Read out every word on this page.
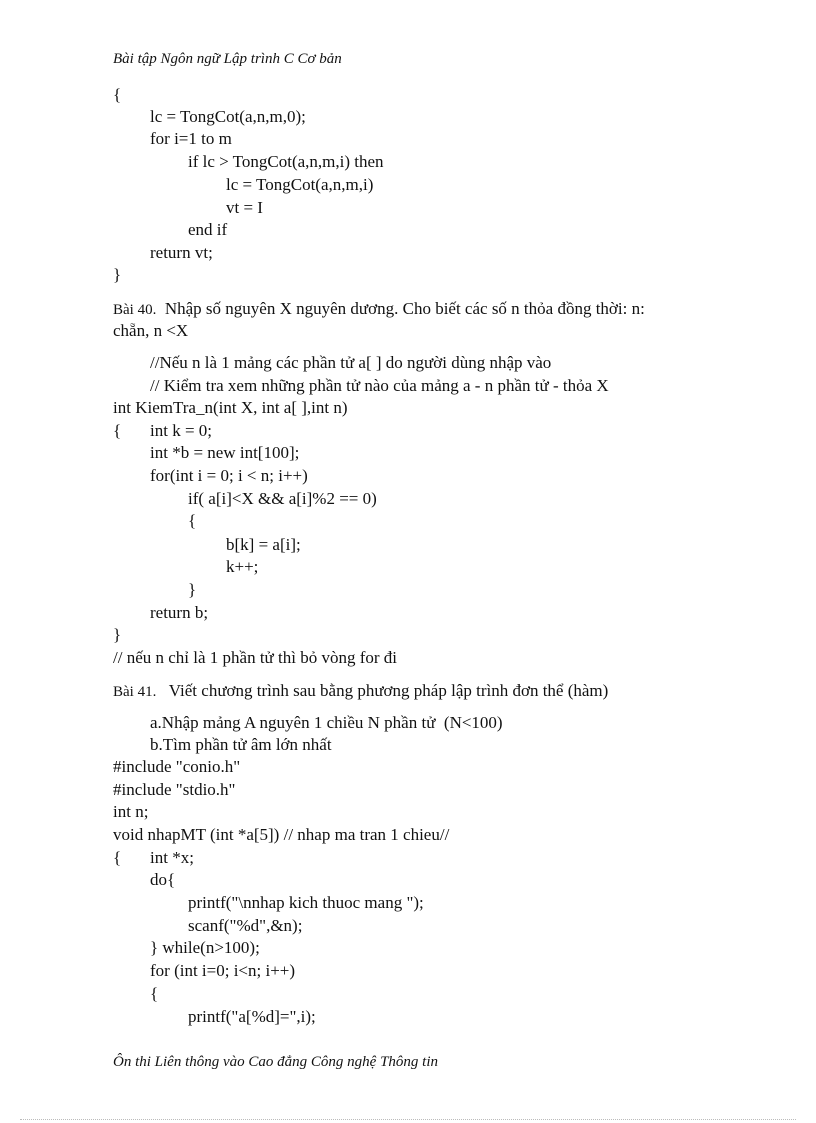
Bài tập Ngôn ngữ Lập trình C Cơ bản
{
lc = TongCot(a,n,m,0);
for i=1 to m
if lc > TongCot(a,n,m,i) then
lc = TongCot(a,n,m,i)
vt = I
end if
return vt;
}
Bài 40.  Nhập số nguyên X nguyên dương. Cho biết các số n thỏa đồng thời: n:
chẵn, n <X
//Nếu n là 1 mảng các phần tử a[ ] do người dùng nhập vào
// Kiểm tra xem những phần tử nào của mảng a - n phần tử - thỏa X
int KiemTra_n(int X, int a[ ],int n)
{ int k = 0;
int *b = new int[100];
for(int i = 0; i < n; i++)
if( a[i]<X && a[i]%2 == 0)
{
b[k] = a[i];
k++;
}
return b;
}
// nếu n chỉ là 1 phần tử thì bỏ vòng for đi
Bài 41.   Viết chương trình sau bằng phương pháp lập trình đơn thể (hàm)
a.Nhập mảng A nguyên 1 chiều N phần tử  (N<100)
b.Tìm phần tử âm lớn nhất
#include "conio.h"
#include "stdio.h"
int n;
void nhapMT (int *a[5]) // nhap ma tran 1 chieu//
{ int *x;
do{
printf("\nnhap kich thuoc mang ");
scanf("%d",&n);
} while(n>100);
for (int i=0; i<n; i++)
{
printf("a[%d]=",i);
Ôn thi Liên thông vào Cao đẳng Công nghệ Thông tin
